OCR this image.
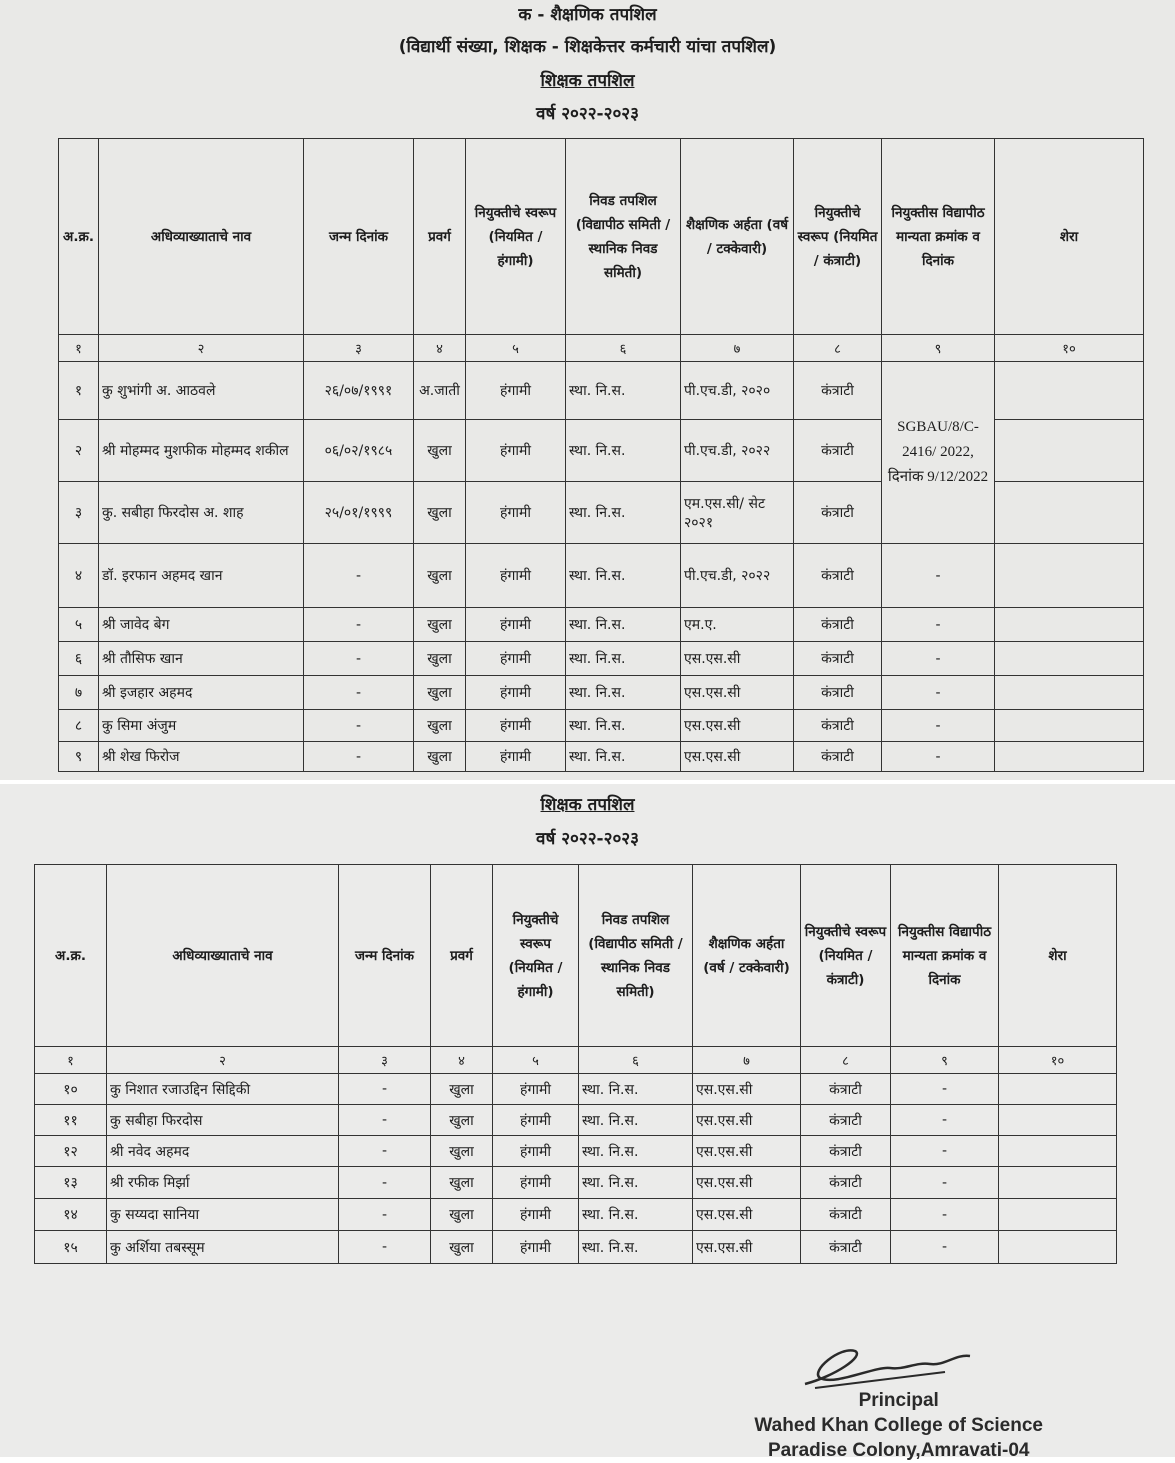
क - शैक्षणिक तपशिल
(विद्यार्थी संख्या, शिक्षक - शिक्षकेत्तर कर्मचारी यांचा तपशिल)
शिक्षक तपशिल
वर्ष २०२२-२०२३
अ.क्र.	अधिव्याख्याताचे नाव	जन्म दिनांक	प्रवर्ग	नियुक्तीचे स्वरूप (नियमित / हंगामी)	निवड तपशिल (विद्यापीठ समिती / स्थानिक निवड समिती)	शैक्षणिक अर्हता (वर्ष / टक्केवारी)	नियुक्तीचे स्वरूप (नियमित / कंत्राटी)	नियुक्तीस विद्यापीठ मान्यता क्रमांक व दिनांक	शेरा
१	२	३	४	५	६	७	८	९	१०
१	कु शुभांगी अ. आठवले	२६/०७/१९९१	अ.जाती	हंगामी	स्था. नि.स.	पी.एच.डी, २०२०	कंत्राटी	SGBAU/8/C-2416/ 2022, दिनांक 9/12/2022	
२	श्री मोहम्मद मुशफीक मोहम्मद शकील	०६/०२/१९८५	खुला	हंगामी	स्था. नि.स.	पी.एच.डी, २०२२	कंत्राटी		
३	कु. सबीहा फिरदोस अ. शाह	२५/०१/१९९९	खुला	हंगामी	स्था. नि.स.	एम.एस.सी/ सेट २०२१	कंत्राटी		
४	डॉ. इरफान अहमद खान	-	खुला	हंगामी	स्था. नि.स.	पी.एच.डी, २०२२	कंत्राटी	-	
५	श्री जावेद बेग	-	खुला	हंगामी	स्था. नि.स.	एम.ए.	कंत्राटी	-	
६	श्री तौसिफ खान	-	खुला	हंगामी	स्था. नि.स.	एस.एस.सी	कंत्राटी	-	
७	श्री इजहार अहमद	-	खुला	हंगामी	स्था. नि.स.	एस.एस.सी	कंत्राटी	-	
८	कु सिमा अंजुम	-	खुला	हंगामी	स्था. नि.स.	एस.एस.सी	कंत्राटी	-	
९	श्री शेख फिरोज	-	खुला	हंगामी	स्था. नि.स.	एस.एस.सी	कंत्राटी	-	
शिक्षक तपशिल
वर्ष २०२२-२०२३
अ.क्र.	अधिव्याख्याताचे नाव	जन्म दिनांक	प्रवर्ग	नियुक्तीचे स्वरूप (नियमित / हंगामी)	निवड तपशिल (विद्यापीठ समिती / स्थानिक निवड समिती)	शैक्षणिक अर्हता (वर्ष / टक्केवारी)	नियुक्तीचे स्वरूप (नियमित / कंत्राटी)	नियुक्तीस विद्यापीठ मान्यता क्रमांक व दिनांक	शेरा
१	२	३	४	५	६	७	८	९	१०
१०	कु निशात रजाउद्दिन सिद्दिकी	-	खुला	हंगामी	स्था. नि.स.	एस.एस.सी	कंत्राटी	-	
११	कु सबीहा फिरदोस	-	खुला	हंगामी	स्था. नि.स.	एस.एस.सी	कंत्राटी	-	
१२	श्री नवेद अहमद	-	खुला	हंगामी	स्था. नि.स.	एस.एस.सी	कंत्राटी	-	
१३	श्री रफीक मिर्झा	-	खुला	हंगामी	स्था. नि.स.	एस.एस.सी	कंत्राटी	-	
१४	कु सय्यदा सानिया	-	खुला	हंगामी	स्था. नि.स.	एस.एस.सी	कंत्राटी	-	
१५	कु अर्शिया तबस्सूम	-	खुला	हंगामी	स्था. नि.स.	एस.एस.सी	कंत्राटी	-	
Principal
Wahed Khan College of Science
Paradise Colony,Amravati-04
